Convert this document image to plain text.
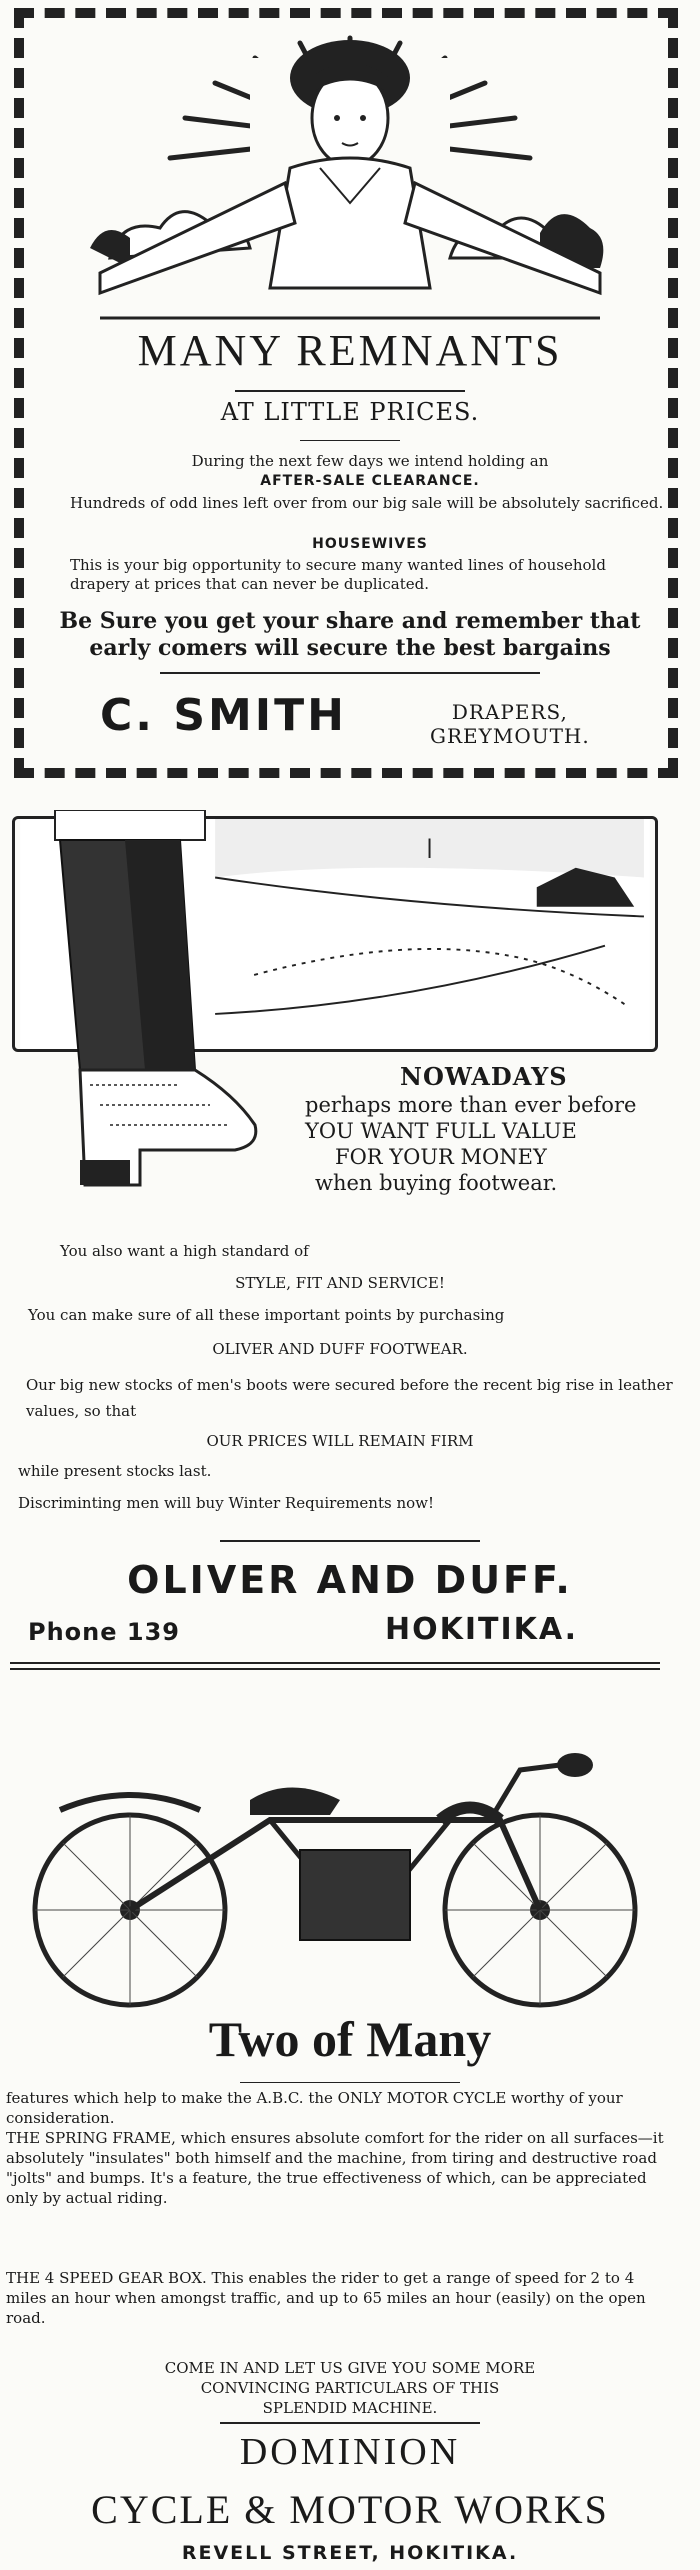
MANY REMNANTS
AT LITTLE PRICES.
During the next few days we intend holding an
AFTER-SALE CLEARANCE.
Hundreds of odd lines left over from our big sale will be absolutely sacrificed.
HOUSEWIVES
This is your big opportunity to secure many wanted lines of household drapery at prices that can never be duplicated.
Be Sure you get your share and remember that early comers will secure the best bargains
C. SMITH	DRAPERS,
GREYMOUTH.
NOWADAYS
perhaps more than ever before
YOU WANT FULL VALUE
FOR YOUR MONEY
when buying footwear.
You also want a high standard of
STYLE, FIT AND SERVICE!
You can make sure of all these important points by purchasing
OLIVER AND DUFF FOOTWEAR.
Our big new stocks of men's boots were secured before the recent big rise in leather values, so that
OUR PRICES WILL REMAIN FIRM
while present stocks last.
Discriminting men will buy Winter Requirements now!
OLIVER AND DUFF.
Phone 139	HOKITIKA.
Two of Many
features which help to make the A.B.C. the ONLY MOTOR CYCLE worthy of your consideration.
THE SPRING FRAME, which ensures absolute comfort for the rider on all surfaces—it absolutely "insulates" both himself and the machine, from tiring and destructive road "jolts" and bumps. It's a feature, the true effectiveness of which, can be appreciated only by actual riding.
THE 4 SPEED GEAR BOX. This enables the rider to get a range of speed for 2 to 4 miles an hour when amongst traffic, and up to 65 miles an hour (easily) on the open road.
COME IN AND LET US GIVE YOU SOME MORE
CONVINCING PARTICULARS OF THIS
SPLENDID MACHINE.
DOMINION
CYCLE & MOTOR WORKS
REVELL STREET, HOKITIKA.
